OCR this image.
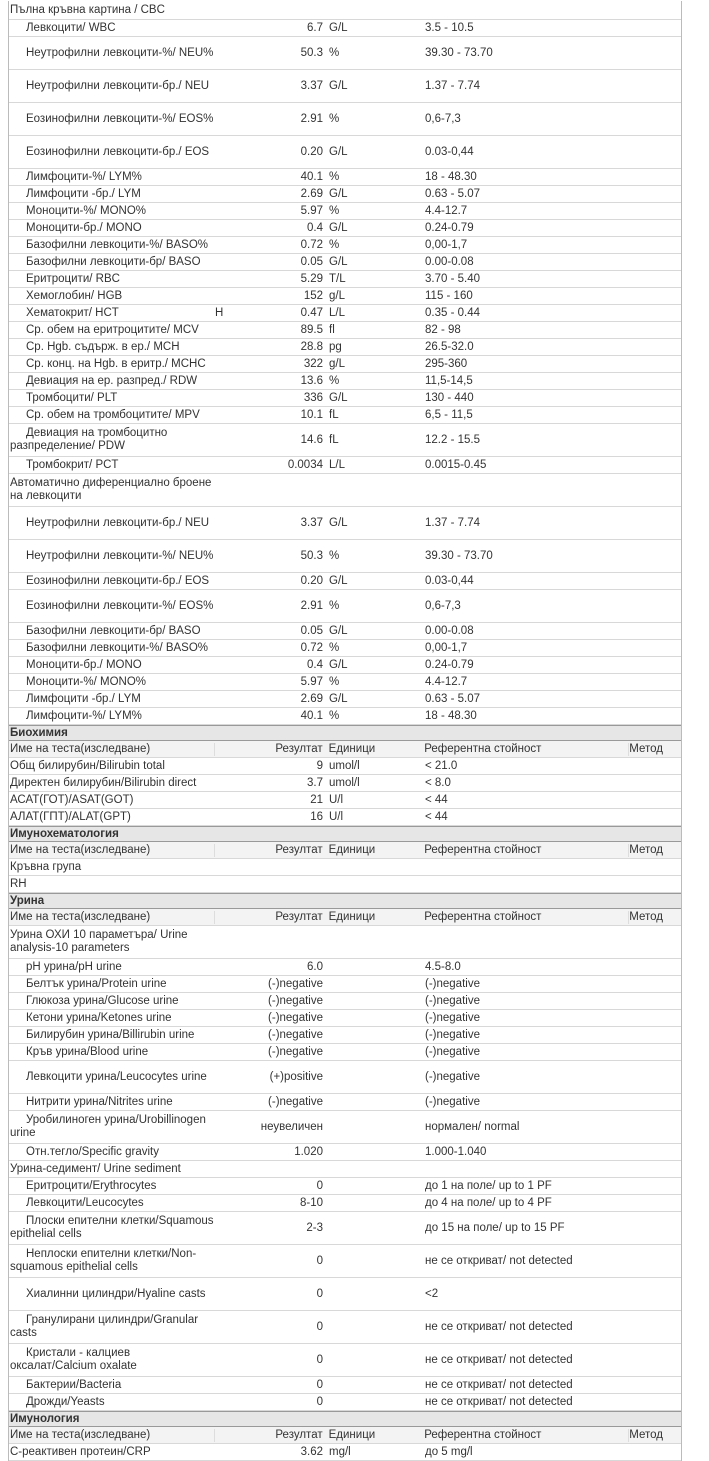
Пълна кръвна картина / CBC
Левкоцити/ WBC	6.7 G/L	3.5 - 10.5
Неутрофилни левкоцити-%/ NEU%	50.3 %	39.30 - 73.70
Неутрофилни левкоцити-бр./ NEU	3.37 G/L	1.37 - 7.74
Еозинофилни левкоцити-%/ EOS%	2.91 %	0,6-7,3
Еозинофилни левкоцити-бр./ EOS	0.20 G/L	0.03-0,44
Лимфоцити-%/ LYM%	40.1 %	18 - 48.30
Лимфоцити -бр./ LYM	2.69 G/L	0.63 - 5.07
Моноцити-%/ MONO%	5.97 %	4.4-12.7
Моноцити-бр./ MONO	0.4 G/L	0.24-0.79
Базофилни левкоцити-%/ BASO%	0.72 %	0,00-1,7
Базофилни левкоцити-бр/ BASO	0.05 G/L	0.00-0.08
Еритроцити/ RBC	5.29 T/L	3.70 - 5.40
Хемоглобин/ HGB	152 g/L	115 - 160
Хематокрит/ HCT	H	0.47 L/L	0.35 - 0.44
Ср. обем на еритроцитите/ MCV	89.5 fl	82 - 98
Ср. Hgb. съдърж. в ер./ MCH	28.8 pg	26.5-32.0
Ср. конц. на Hgb. в еритр./ MCHC	322 g/L	295-360
Девиация на ер. разпред./ RDW	13.6 %	11,5-14,5
Тромбоцити/ PLT	336 G/L	130 - 440
Ср. обем на тромбоцитите/ MPV	10.1 fL	6,5 - 11,5
Девиация на тромбоцитно разпределение/ PDW
14.6 fL	12.2 - 15.5
Тромбокрит/ PCT	0.0034 L/L	0.0015-0.45
Автоматично диференциално броене на левкоцити
Неутрофилни левкоцити-бр./ NEU	3.37 G/L	1.37 - 7.74
Неутрофилни левкоцити-%/ NEU%	50.3 %	39.30 - 73.70
Еозинофилни левкоцити-бр./ EOS	0.20 G/L	0.03-0,44
Еозинофилни левкоцити-%/ EOS%	2.91 %	0,6-7,3
Базофилни левкоцити-бр/ BASO	0.05 G/L	0.00-0.08
Базофилни левкоцити-%/ BASO%	0.72 %	0,00-1,7
Моноцити-бр./ MONO	0.4 G/L	0.24-0.79
Моноцити-%/ MONO%	5.97 %	4.4-12.7
Лимфоцити -бр./ LYM	2.69 G/L	0.63 - 5.07
Лимфоцити-%/ LYM%	40.1 %	18 - 48.30
Биохимия
Име на теста(изследване)	Резултат Единици	Референтна стойност	Метод
Общ билирубин/Bilirubin total	9 umol/l	< 21.0
Директен билирубин/Bilirubin direct	3.7 umol/l	< 8.0
АСАТ(ГОТ)/ASAT(GOT)	21 U/l	< 44
АЛАТ(ГПТ)/ALAT(GPT)	16 U/l	< 44
Имунохематология
Име на теста(изследване)	Резултат Единици	Референтна стойност	Метод
Кръвна група
RH
Урина
Име на теста(изследване)	Резултат Единици	Референтна стойност	Метод
Урина ОХИ 10 параметъра/ Urine analysis-10 parameters
pH урина/pH urine	6.0	4.5-8.0
Белтък урина/Protein urine	(-)negative	(-)negative
Глюкоза урина/Glucose urine	(-)negative	(-)negative
Кетони урина/Ketones urine	(-)negative	(-)negative
Билирубин урина/Billirubin urine	(-)negative	(-)negative
Кръв урина/Blood urine	(-)negative	(-)negative
Левкоцити урина/Leucocytes urine	(+)positive	(-)negative
Нитрити урина/Nitrites urine	(-)negative	(-)negative
Уробилиноген урина/Urobillinogen urine
неувеличен	нормален/ normal
Отн.тегло/Specific gravity	1.020	1.000-1.040
Урина-седимент/ Urine sediment
Еритроцити/Erythrocytes	0	до 1 на поле/ up to 1 PF
Левкоцити/Leucocytes	8-10	до 4 на поле/ up to 4 PF
Плоски епителни клетки/Squamous epithelial cells
2-3	до 15 на поле/ up to 15 PF
Неплоски епителни клетки/Non-squamous epithelial cells
0	не се откриват/ not detected
Хиалинни цилиндри/Hyaline casts	0	<2
Гранулирани цилиндри/Granular casts
0	не се откриват/ not detected
Кристали - калциев оксалат/Calcium oxalate
0	не се откриват/ not detected
Бактерии/Bacteria	0	не се откриват/ not detected
Дрожди/Yeasts	0	не се откриват/ not detected
Имунология
Име на теста(изследване)	Резултат Единици	Референтна стойност	Метод
С-реактивен протеин/CRP	3.62 mg/l	до 5 mg/l
